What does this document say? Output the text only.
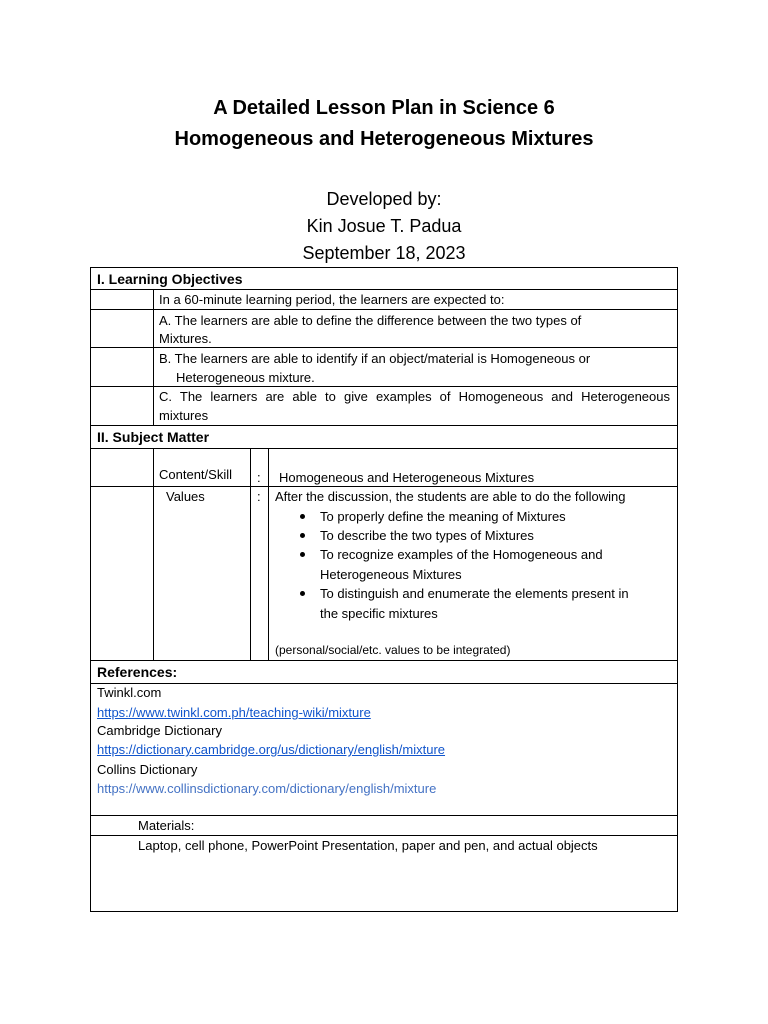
A Detailed Lesson Plan in Science 6
Homogeneous and Heterogeneous Mixtures
Developed by:
Kin Josue T. Padua
September 18, 2023
I. Learning Objectives
In a 60-minute learning period, the learners are expected to:
A. The learners are able to define the difference between the two types of
Mixtures.
B. The learners are able to identify if an object/material is Homogeneous or
Heterogeneous mixture.
C. The learners are able to give examples of Homogeneous and Heterogeneous
mixtures
II. Subject Matter
Content/Skill : Homogeneous and Heterogeneous Mixtures
Values	: After the discussion, the students are able to do the following
To properly define the meaning of Mixtures
To describe the two types of Mixtures
To recognize examples of the Homogeneous and
Heterogeneous Mixtures
To distinguish and enumerate the elements present in
the specific mixtures
(personal/social/etc. values to be integrated)
References:
Twinkl.com
https://www.twinkl.com.ph/teaching-wiki/mixture
Cambridge Dictionary
https://dictionary.cambridge.org/us/dictionary/english/mixture
Collins Dictionary
https://www.collinsdictionary.com/dictionary/english/mixture
Materials:
Laptop, cell phone, PowerPoint Presentation, paper and pen, and actual objects
